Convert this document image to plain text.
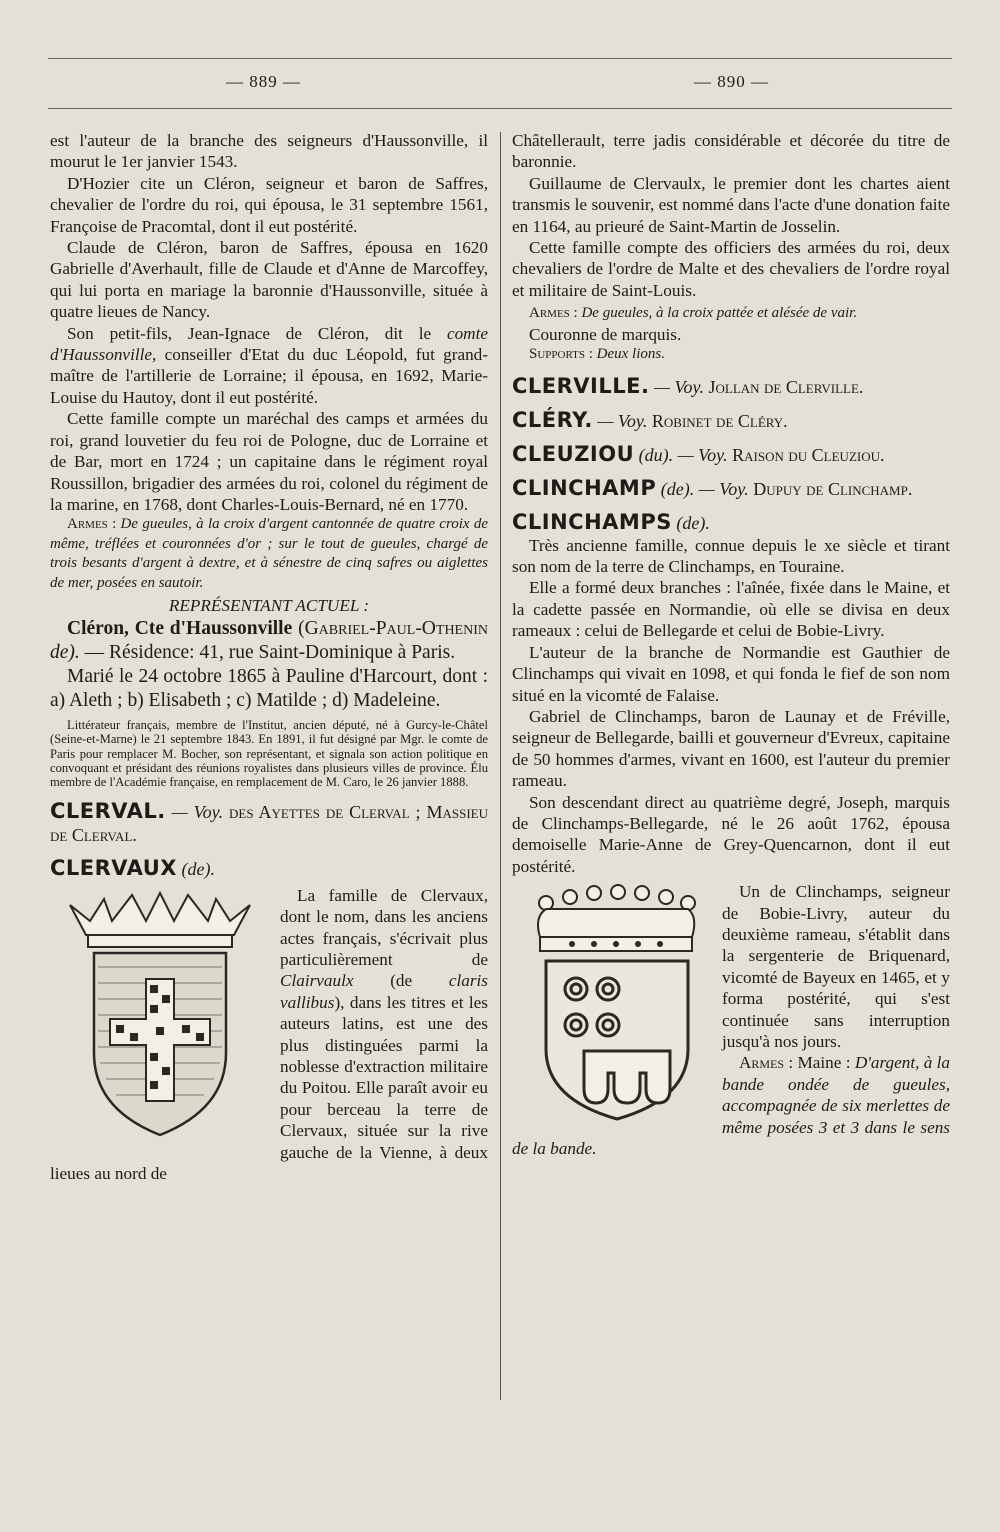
— 889 —	— 890 —

est l'auteur de la branche des seigneurs d'Haussonville, il mourut le 1er janvier 1543.

D'Hozier cite un Cléron, seigneur et baron de Saffres, chevalier de l'ordre du roi, qui épousa, le 31 septembre 1561, Françoise de Pracomtal, dont il eut postérité.

Claude de Cléron, baron de Saffres, épousa en 1620 Gabrielle d'Averhault, fille de Claude et d'Anne de Marcoffey, qui lui porta en mariage la baronnie d'Haussonville, située à quatre lieues de Nancy.

Son petit-fils, Jean-Ignace de Cléron, dit le comte d'Haussonville, conseiller d'Etat du duc Léopold, fut grand-maître de l'artillerie de Lorraine; il épousa, en 1692, Marie-Louise du Hautoy, dont il eut postérité.

Cette famille compte un maréchal des camps et armées du roi, grand louvetier du feu roi de Pologne, duc de Lorraine et de Bar, mort en 1724 ; un capitaine dans le régiment royal Roussillon, brigadier des armées du roi, colonel du régiment de la marine, en 1768, dont Charles-Louis-Bernard, né en 1770.

Armes : De gueules, à la croix d'argent cantonnée de quatre croix de même, tréflées et couronnées d'or ; sur le tout de gueules, chargé de trois besants d'argent à dextre, et à sénestre de cinq safres ou aiglettes de mer, posées en sautoir.

REPRÉSENTANT ACTUEL :

Cléron, Cte d'Haussonville (Gabriel-Paul-Othenin de). — Résidence: 41, rue Saint-Dominique à Paris.

Marié le 24 octobre 1865 à Pauline d'Harcourt, dont : a) Aleth ; b) Elisabeth ; c) Matilde ; d) Madeleine.

Littérateur français, membre de l'Institut, ancien député, né à Gurcy-le-Châtel (Seine-et-Marne) le 21 septembre 1843. En 1891, il fut désigné par Mgr. le comte de Paris pour remplacer M. Bocher, son représentant, et signala son action politique en convoquant et présidant des réunions royalistes dans plusieurs villes de province. Élu membre de l'Académie française, en remplacement de M. Caro, le 26 janvier 1888.

CLERVAL. — Voy. des Ayettes de Clerval ; Massieu de Clerval.

CLERVAUX (de).

La famille de Clervaux, dont le nom, dans les anciens actes français, s'écrivait plus particulièrement de Clairvaulx (de claris vallibus), dans les titres et les auteurs latins, est une des plus distinguées parmi la noblesse d'extraction militaire du Poitou. Elle paraît avoir eu pour berceau la terre de Clervaux, située sur la rive gauche de la Vienne, à deux lieues au nord de

Châtellerault, terre jadis considérable et décorée du titre de baronnie.

Guillaume de Clervaulx, le premier dont les chartes aient transmis le souvenir, est nommé dans l'acte d'une donation faite en 1164, au prieuré de Saint-Martin de Josselin.

Cette famille compte des officiers des armées du roi, deux chevaliers de l'ordre de Malte et des chevaliers de l'ordre royal et militaire de Saint-Louis.

Armes : De gueules, à la croix pattée et alésée de vair.

Couronne de marquis.

Supports : Deux lions.

CLERVILLE. — Voy. Jollan de Clerville.

CLÉRY. — Voy. Robinet de Cléry.

CLEUZIOU (du). — Voy. Raison du Cleuziou.

CLINCHAMP (de). — Voy. Dupuy de Clinchamp.

CLINCHAMPS (de).

Très ancienne famille, connue depuis le xe siècle et tirant son nom de la terre de Clinchamps, en Touraine.

Elle a formé deux branches : l'aînée, fixée dans le Maine, et la cadette passée en Normandie, où elle se divisa en deux rameaux : celui de Bellegarde et celui de Bobie-Livry.

L'auteur de la branche de Normandie est Gauthier de Clinchamps qui vivait en 1098, et qui fonda le fief de son nom situé en la vicomté de Falaise.

Gabriel de Clinchamps, baron de Launay et de Fréville, seigneur de Bellegarde, bailli et gouverneur d'Evreux, capitaine de 50 hommes d'armes, vivant en 1600, est l'auteur du premier rameau.

Son descendant direct au quatrième degré, Joseph, marquis de Clinchamps-Bellegarde, né le 26 août 1762, épousa demoiselle Marie-Anne de Grey-Quencarnon, dont il eut postérité.

Un de Clinchamps, seigneur de Bobie-Livry, auteur du deuxième rameau, s'établit dans la sergenterie de Briquenard, vicomté de Bayeux en 1465, et y forma postérité, qui s'est continuée sans interruption jusqu'à nos jours.

Armes : Maine : D'argent, à la bande ondée de gueules, accompagnée de six merlettes de même posées 3 et 3 dans le sens de la bande.
